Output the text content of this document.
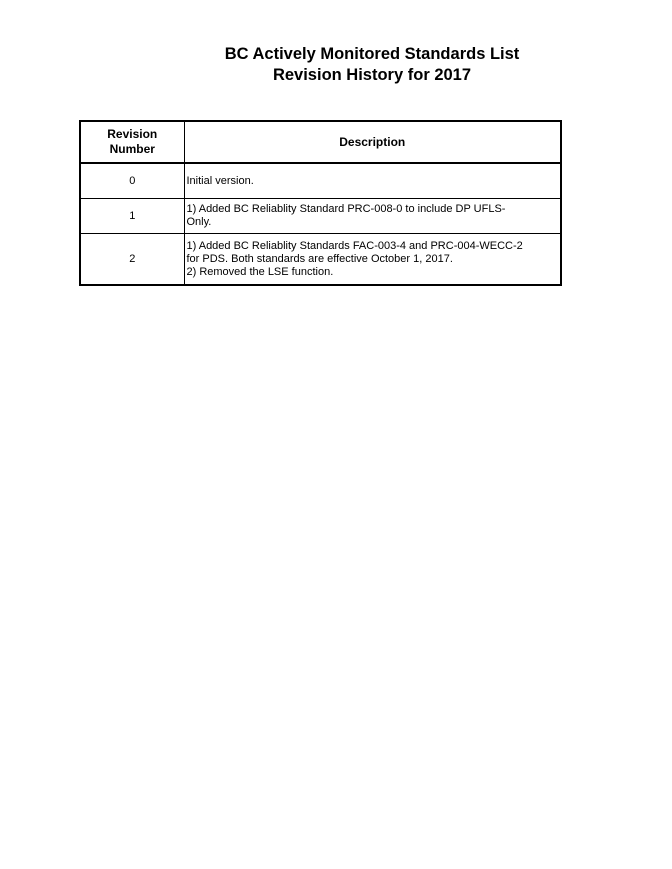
BC Actively Monitored Standards List
Revision History for 2017
Revision Number	Description
0	Initial version.

1	1) Added BC Reliablity Standard PRC-008-0 to include DP UFLS-
Only.

2	1) Added BC Reliablity Standards FAC-003-4 and PRC-004-WECC-2
for PDS. Both standards are effective October 1, 2017.
2) Removed the LSE function.
